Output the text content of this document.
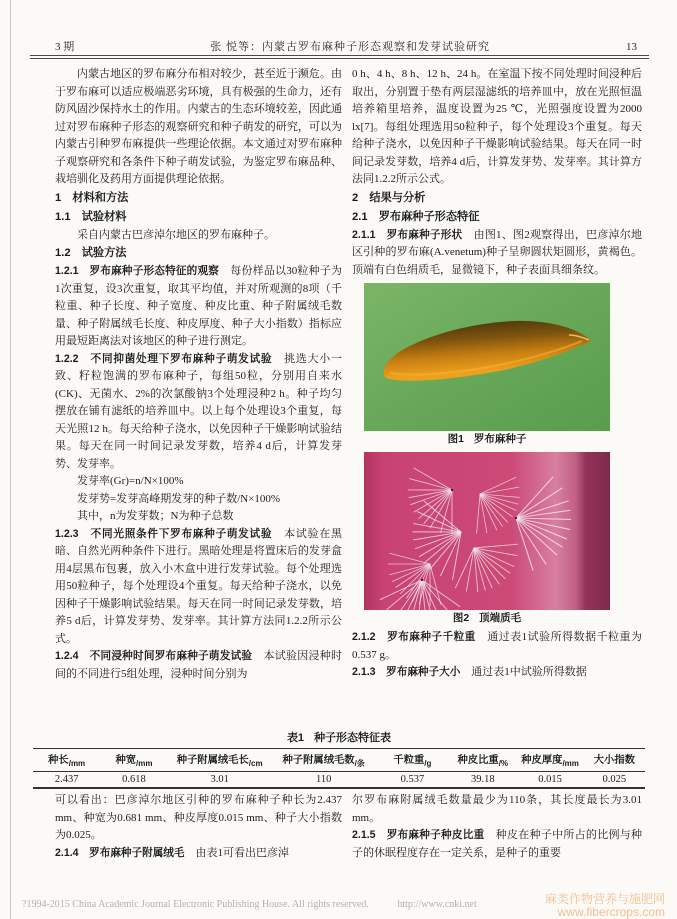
3 期	张 悦等：内蒙古罗布麻种子形态观察和发芽试验研究	13

内蒙古地区的罗布麻分布相对较少，甚至近于濒危。由于罗布麻可以适应极端恶劣环境，具有极强的生命力，还有防风固沙保持水土的作用。内蒙古的生态环境较差，因此通过对罗布麻种子形态的观察研究和种子萌发的研究，可以为内蒙古引种罗布麻提供一些理论依据。本文通过对罗布麻种子观察研究和各条件下种子萌发试验，为鉴定罗布麻品种、栽培驯化及药用方面提供理论依据。

1　材料和方法
1.1　试验材料

采自内蒙古巴彦淖尔地区的罗布麻种子。

1.2　试验方法

1.2.1　罗布麻种子形态特征的观察　每份样品以30粒种子为1次重复，设3次重复，取其平均值，并对所观测的8项（千粒重、种子长度、种子宽度、种皮比重、种子附属绒毛数量、种子附属绒毛长度、种皮厚度、种子大小指数）指标应用最短距离法对该地区的种子进行测定。

1.2.2　不同抑菌处理下罗布麻种子萌发试验　挑选大小一致、籽粒饱满的罗布麻种子，每组50粒，分别用自来水(CK)、无菌水、2%的次氯酸钠3个处理浸种2 h。种子均匀摆放在铺有滤纸的培养皿中。以上每个处理设3个重复，每天光照12 h。每天给种子浇水，以免因种子干燥影响试验结果。每天在同一时间记录发芽数，培养4 d后，计算发芽势、发芽率。

发芽率(Gr)=n/N×100%

发芽势=发芽高峰期发芽的种子数/N×100%

其中，n为发芽数；N为种子总数

1.2.3　不同光照条件下罗布麻种子萌发试验　本试验在黑暗、自然光两种条件下进行。黑暗处理是将置床后的发芽盒用4层黑布包裹，放入小木盒中进行发芽试验。每个处理选用50粒种子，每个处理设4个重复。每天给种子浇水，以免因种子干燥影响试验结果。每天在同一时间记录发芽数，培养5 d后，计算发芽势、发芽率。其计算方法同1.2.2所示公式。

1.2.4　不同浸种时间罗布麻种子萌发试验　本试验因浸种时间的不同进行5组处理，浸种时间分别为

0 h、4 h、8 h、12 h、24 h。在室温下按不同处理时间浸种后取出，分别置于垫有两层湿滤纸的培养皿中，放在光照恒温培养箱里培养，温度设置为25 ℃，光照强度设置为2000 lx[7]。每组处理选用50粒种子，每个处理设3个重复。每天给种子浇水，以免因种子干燥影响试验结果。每天在同一时间记录发芽数，培养4 d后，计算发芽势、发芽率。其计算方法同1.2.2所示公式。

2　结果与分析
2.1　罗布麻种子形态特征

2.1.1　罗布麻种子形状　由图1、图2观察得出，巴彦淖尔地区引种的罗布麻(A.venetum)种子呈卵圆状矩圆形，黄褐色。顶端有白色绢质毛，显微镜下，种子表面具细条纹。

图1 罗布麻种子
图2 顶端质毛

2.1.2　罗布麻种子千粒重　通过表1试验所得数据千粒重为0.537 g。

2.1.3　罗布麻种子大小　通过表1中试验所得数据

表1 种子形态特征表
种长$_{/mm}$	种宽$_{/mm}$	种子附属绒毛长$_{/cm}$	种子附属绒毛数$_{/条}$	千粒重$_{/g}$	种皮比重$_{/\%}$	种皮厚度$_{/mm}$	大小指数
2.437	0.618	3.01	110	0.537	39.18	0.015	0.025

可以看出：巴彦淖尔地区引种的罗布麻种子种长为2.437 mm、种宽为0.681 mm、种皮厚度0.015 mm、种子大小指数为0.025。

2.1.4　罗布麻种子附属绒毛　由表1可看出巴彦淖

尔罗布麻附属绒毛数量最少为110条，其长度最长为3.01 mm。

2.1.5　罗布麻种子种皮比重　种皮在种子中所占的比例与种子的休眠程度存在一定关系，是种子的重要

?1994-2015 China Academic Journal Electronic Publishing House. All rights reserved.	http://www.cnki.net	麻类作物营养与施肥网
www.fibercrops.com
